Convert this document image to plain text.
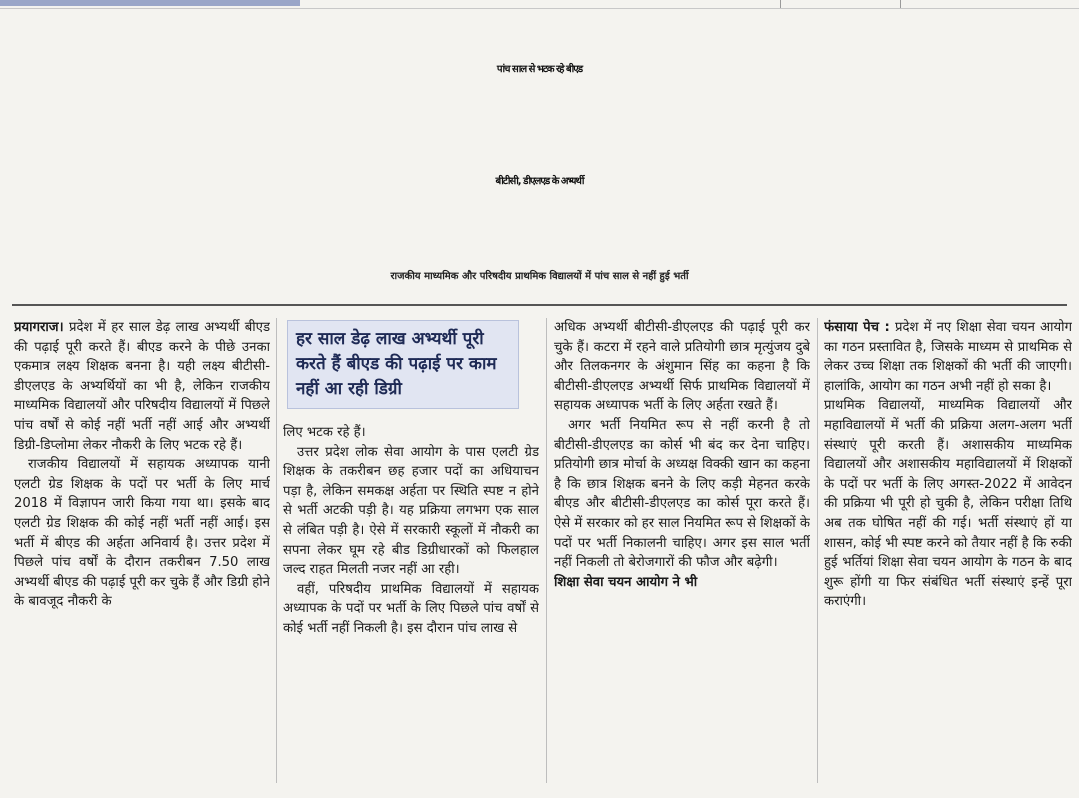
पांच साल से भटक रहे बीएड
बीटीसी, डीएलएड के अभ्यर्थी
राजकीय माध्यमिक और परिषदीय प्राथमिक विद्यालयों में पांच साल से नहीं हुई भर्ती

प्रयागराज। प्रदेश में हर साल डेढ़ लाख अभ्यर्थी बीएड की पढ़ाई पूरी करते हैं। बीएड करने के पीछे उनका एकमात्र लक्ष्य शिक्षक बनना है। यही लक्ष्य बीटीसी-डीएलएड के अभ्यर्थियों का भी है, लेकिन राजकीय माध्यमिक विद्यालयों और परिषदीय विद्यालयों में पिछले पांच वर्षों से कोई नहीं भर्ती नहीं आई और अभ्यर्थी डिग्री-डिप्लोमा लेकर नौकरी के लिए भटक रहे हैं।

राजकीय विद्यालयों में सहायक अध्यापक यानी एलटी ग्रेड शिक्षक के पदों पर भर्ती के लिए मार्च 2018 में विज्ञापन जारी किया गया था। इसके बाद एलटी ग्रेड शिक्षक की कोई नहीं भर्ती नहीं आई। इस भर्ती में बीएड की अर्हता अनिवार्य है। उत्तर प्रदेश में पिछले पांच वर्षों के दौरान तकरीबन 7.50 लाख अभ्यर्थी बीएड की पढ़ाई पूरी कर चुके हैं और डिग्री होने के बावजूद नौकरी के

हर साल डेढ़ लाख अभ्यर्थी पूरी करते हैं बीएड की पढ़ाई पर काम नहीं आ रही डिग्री

लिए भटक रहे हैं।

उत्तर प्रदेश लोक सेवा आयोग के पास एलटी ग्रेड शिक्षक के तकरीबन छह हजार पदों का अधियाचन पड़ा है, लेकिन समकक्ष अर्हता पर स्थिति स्पष्ट न होने से भर्ती अटकी पड़ी है। यह प्रक्रिया लगभग एक साल से लंबित पड़ी है। ऐसे में सरकारी स्कूलों में नौकरी का सपना लेकर घूम रहे बीड डिग्रीधारकों को फिलहाल जल्द राहत मिलती नजर नहीं आ रही।

वहीं, परिषदीय प्राथमिक विद्यालयों में सहायक अध्यापक के पदों पर भर्ती के लिए पिछले पांच वर्षों से कोई भर्ती नहीं निकली है। इस दौरान पांच लाख से

अधिक अभ्यर्थी बीटीसी-डीएलएड की पढ़ाई पूरी कर चुके हैं। कटरा में रहने वाले प्रतियोगी छात्र मृत्युंजय दुबे और तिलकनगर के अंशुमान सिंह का कहना है कि बीटीसी-डीएलएड अभ्यर्थी सिर्फ प्राथमिक विद्यालयों में सहायक अध्यापक भर्ती के लिए अर्हता रखते हैं।

अगर भर्ती नियमित रूप से नहीं करनी है तो बीटीसी-डीएलएड का कोर्स भी बंद कर देना चाहिए। प्रतियोगी छात्र मोर्चा के अध्यक्ष विक्की खान का कहना है कि छात्र शिक्षक बनने के लिए कड़ी मेहनत करके बीएड और बीटीसी-डीएलएड का कोर्स पूरा करते हैं। ऐसे में सरकार को हर साल नियमित रूप से शिक्षकों के पदों पर भर्ती निकालनी चाहिए। अगर इस साल भर्ती नहीं निकली तो बेरोजगारों की फौज और बढ़ेगी।

शिक्षा सेवा चयन आयोग ने भी

फंसाया पेच : प्रदेश में नए शिक्षा सेवा चयन आयोग का गठन प्रस्तावित है, जिसके माध्यम से प्राथमिक से लेकर उच्च शिक्षा तक शिक्षकों की भर्ती की जाएगी। हालांकि, आयोग का गठन अभी नहीं हो सका है।

प्राथमिक विद्यालयों, माध्यमिक विद्यालयों और महाविद्यालयों में भर्ती की प्रक्रिया अलग-अलग भर्ती संस्थाएं पूरी करती हैं। अशासकीय माध्यमिक विद्यालयों और अशासकीय महाविद्यालयों में शिक्षकों के पदों पर भर्ती के लिए अगस्त-2022 में आवेदन की प्रक्रिया भी पूरी हो चुकी है, लेकिन परीक्षा तिथि अब तक घोषित नहीं की गई। भर्ती संस्थाएं हों या शासन, कोई भी स्पष्ट करने को तैयार नहीं है कि रुकी हुई भर्तियां शिक्षा सेवा चयन आयोग के गठन के बाद शुरू होंगी या फिर संबंधित भर्ती संस्थाएं इन्हें पूरा कराएंगी।
